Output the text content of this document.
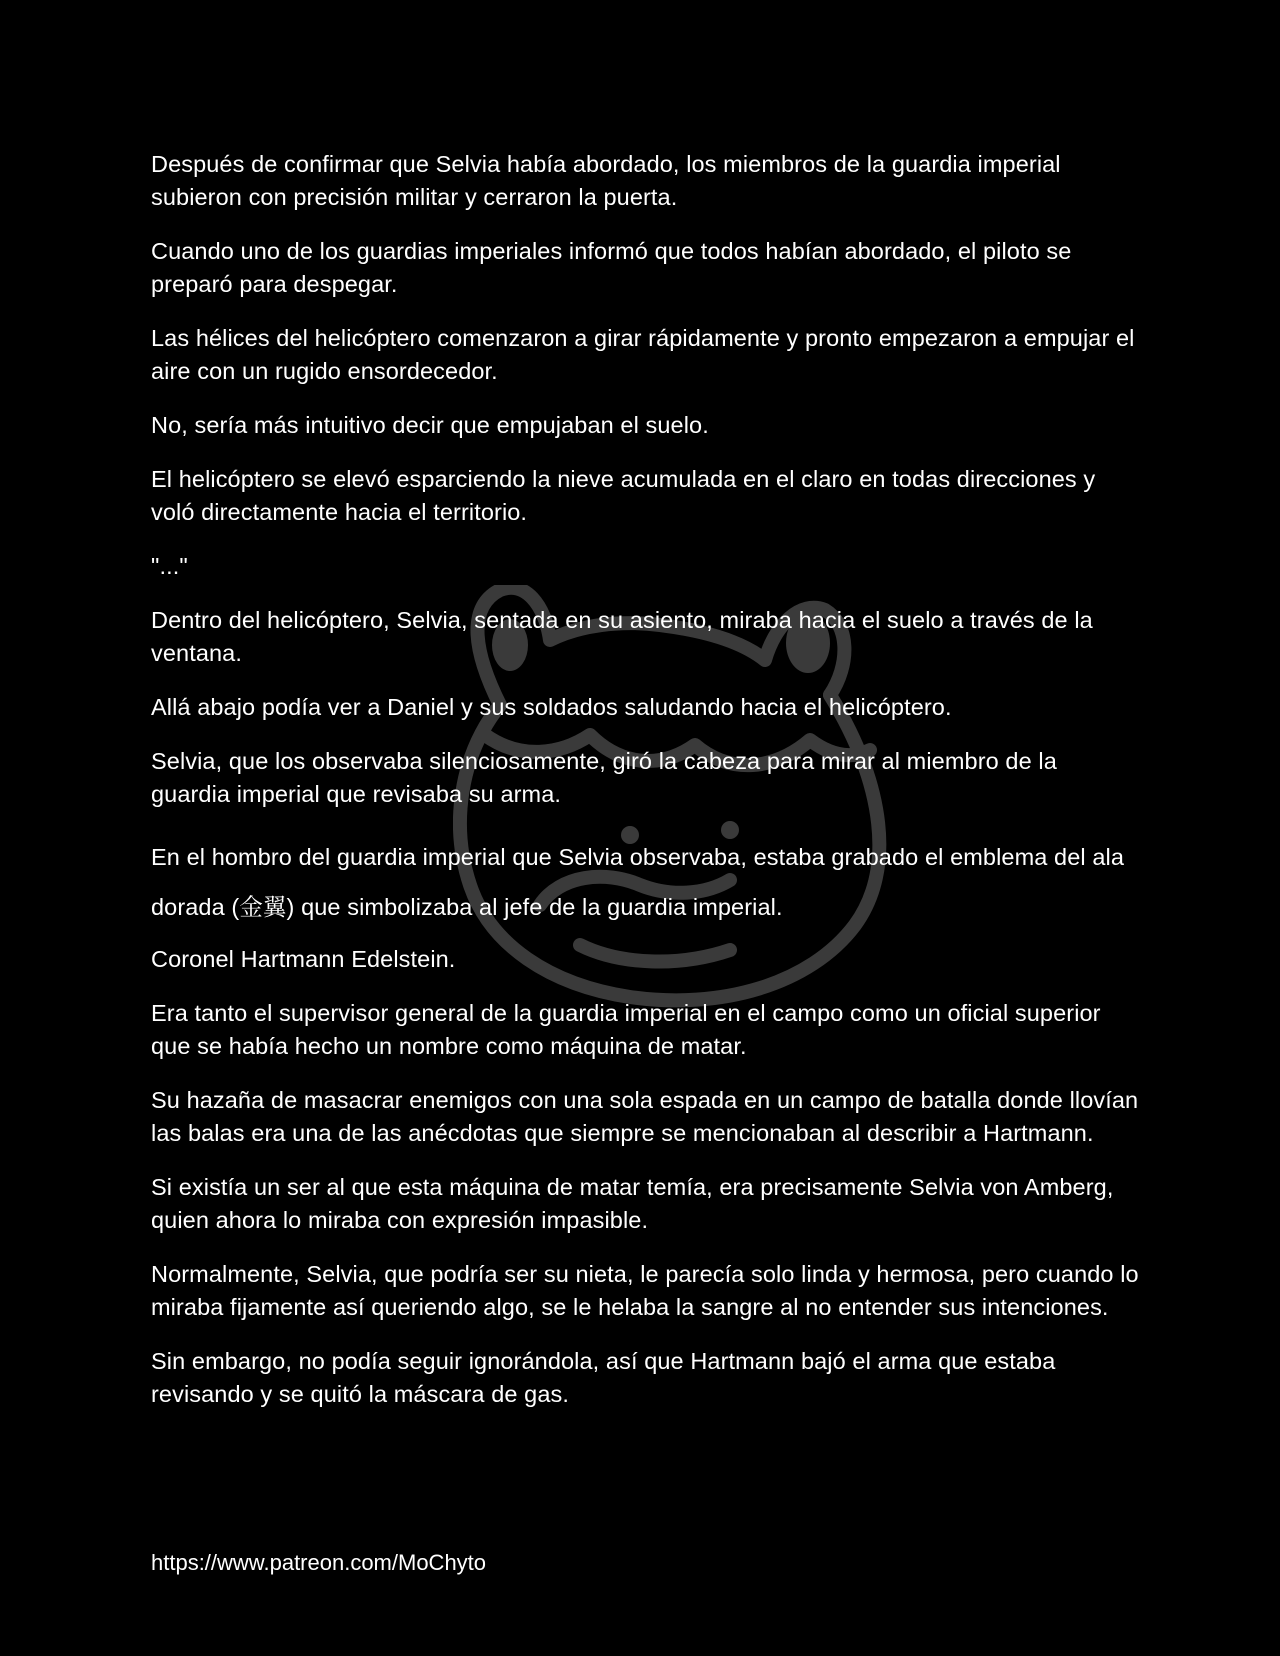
Después de confirmar que Selvia había abordado, los miembros de la guardia imperial subieron con precisión militar y cerraron la puerta.

Cuando uno de los guardias imperiales informó que todos habían abordado, el piloto se preparó para despegar.

Las hélices del helicóptero comenzaron a girar rápidamente y pronto empezaron a empujar el aire con un rugido ensordecedor.

No, sería más intuitivo decir que empujaban el suelo.

El helicóptero se elevó esparciendo la nieve acumulada en el claro en todas direcciones y voló directamente hacia el territorio.

"..."

Dentro del helicóptero, Selvia, sentada en su asiento, miraba hacia el suelo a través de la ventana.

Allá abajo podía ver a Daniel y sus soldados saludando hacia el helicóptero.

Selvia, que los observaba silenciosamente, giró la cabeza para mirar al miembro de la guardia imperial que revisaba su arma.

En el hombro del guardia imperial que Selvia observaba, estaba grabado el emblema del ala dorada (金翼) que simbolizaba al jefe de la guardia imperial.

Coronel Hartmann Edelstein.

Era tanto el supervisor general de la guardia imperial en el campo como un oficial superior que se había hecho un nombre como máquina de matar.

Su hazaña de masacrar enemigos con una sola espada en un campo de batalla donde llovían las balas era una de las anécdotas que siempre se mencionaban al describir a Hartmann.

Si existía un ser al que esta máquina de matar temía, era precisamente Selvia von Amberg, quien ahora lo miraba con expresión impasible.

Normalmente, Selvia, que podría ser su nieta, le parecía solo linda y hermosa, pero cuando lo miraba fijamente así queriendo algo, se le helaba la sangre al no entender sus intenciones.

Sin embargo, no podía seguir ignorándola, así que Hartmann bajó el arma que estaba revisando y se quitó la máscara de gas.

https://www.patreon.com/MoChyto
